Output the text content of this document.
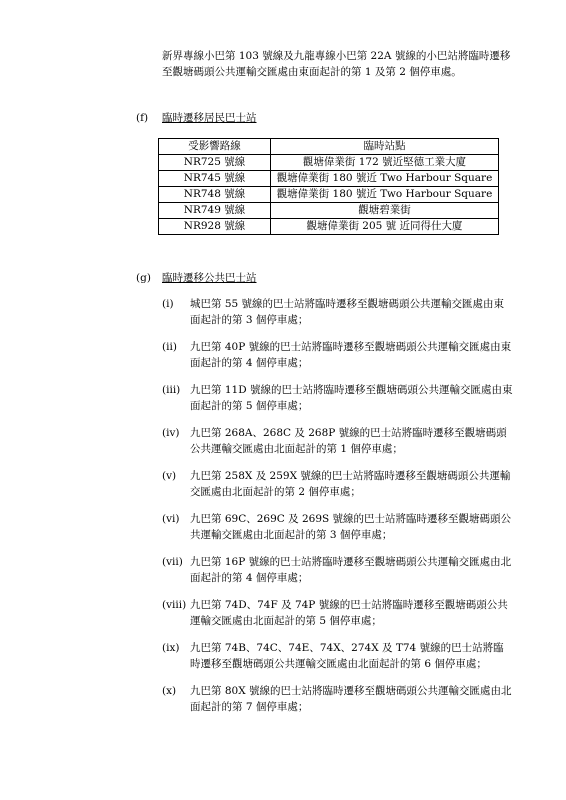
新界專線小巴第 103 號線及九龍專線小巴第 22A 號線的小巴站將臨時遷移至觀塘碼頭公共運輸交匯處由東面起計的第 1 及第 2 個停車處。

(f) 臨時遷移居民巴士站
受影響路線	臨時站點
NR725 號線	觀塘偉業街 172 號近堅德工業大廈
NR745 號線	觀塘偉業街 180 號近 Two Harbour Square
NR748 號線	觀塘偉業街 180 號近 Two Harbour Square
NR749 號線	觀塘碧業街
NR928 號線	觀塘偉業街 205 號 近同得仕大廈
(g) 臨時遷移公共巴士站
(i) 城巴第 55 號線的巴士站將臨時遷移至觀塘碼頭公共運輸交匯處由東面起計的第 3 個停車處；
(ii) 九巴第 40P 號線的巴士站將臨時遷移至觀塘碼頭公共運輸交匯處由東面起計的第 4 個停車處；
(iii) 九巴第 11D 號線的巴士站將臨時遷移至觀塘碼頭公共運輸交匯處由東面起計的第 5 個停車處；
(iv) 九巴第 268A、268C 及 268P 號線的巴士站將臨時遷移至觀塘碼頭公共運輸交匯處由北面起計的第 1 個停車處；
(v) 九巴第 258X 及 259X 號線的巴士站將臨時遷移至觀塘碼頭公共運輸交匯處由北面起計的第 2 個停車處；
(vi) 九巴第 69C、269C 及 269S 號線的巴士站將臨時遷移至觀塘碼頭公共運輸交匯處由北面起計的第 3 個停車處；
(vii) 九巴第 16P 號線的巴士站將臨時遷移至觀塘碼頭公共運輸交匯處由北面起計的第 4 個停車處；
(viii) 九巴第 74D、74F 及 74P 號線的巴士站將臨時遷移至觀塘碼頭公共運輸交匯處由北面起計的第 5 個停車處；
(ix) 九巴第 74B、74C、74E、74X、274X 及 T74 號線的巴士站將臨時遷移至觀塘碼頭公共運輸交匯處由北面起計的第 6 個停車處；
(x) 九巴第 80X 號線的巴士站將臨時遷移至觀塘碼頭公共運輸交匯處由北面起計的第 7 個停車處；
